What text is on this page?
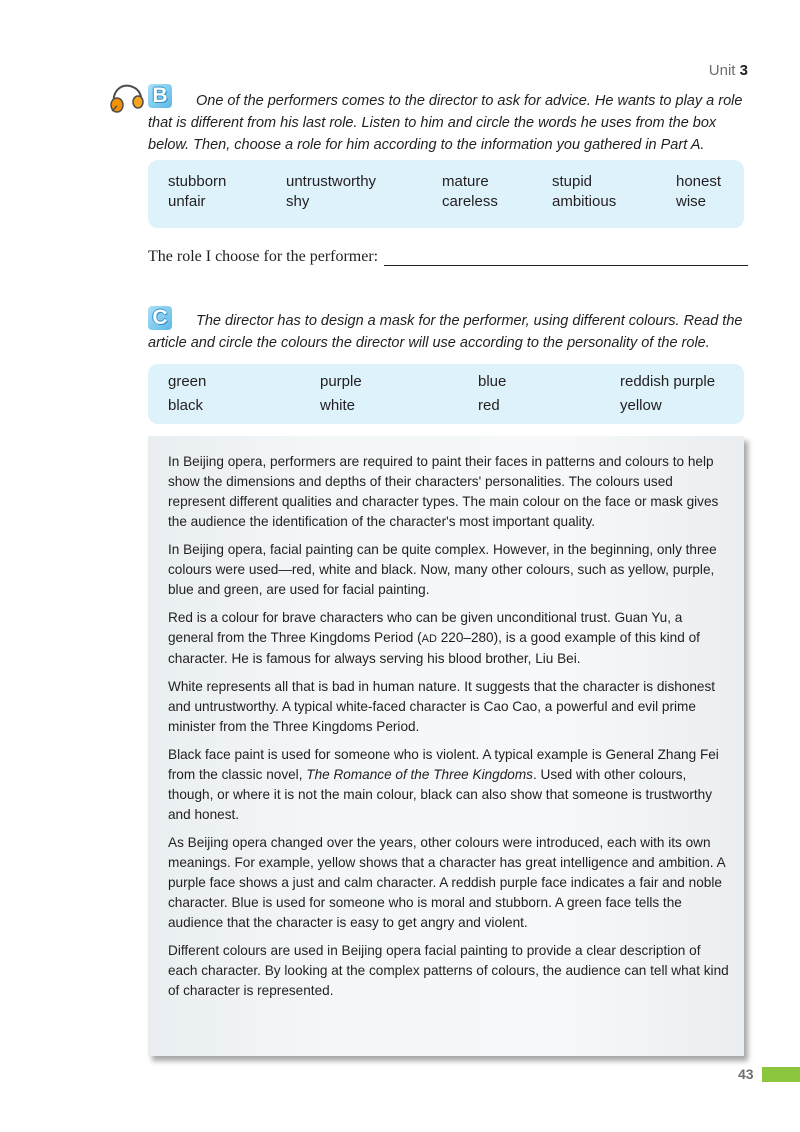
Unit 3
B	One of the performers comes to the director to ask for advice. He wants to play a role that is different from his last role. Listen to him and circle the words he uses from the box below. Then, choose a role for him according to the information you gathered in Part A.
stubborn	untrustworthy	mature	stupid	honest
unfair	shy	careless	ambitious	wise
The role I choose for the performer:
C	The director has to design a mask for the performer, using different colours. Read the article and circle the colours the director will use according to the personality of the role.
green	purple	blue	reddish purple
black	white	red	yellow

In Beijing opera, performers are required to paint their faces in patterns and colours to help show the dimensions and depths of their characters' personalities. The colours used represent different qualities and character types. The main colour on the face or mask gives the audience the identification of the character's most important quality.

In Beijing opera, facial painting can be quite complex. However, in the beginning, only three colours were used—red, white and black. Now, many other colours, such as yellow, purple, blue and green, are used for facial painting.

Red is a colour for brave characters who can be given unconditional trust. Guan Yu, a general from the Three Kingdoms Period (AD 220–280), is a good example of this kind of character. He is famous for always serving his blood brother, Liu Bei.

White represents all that is bad in human nature. It suggests that the character is dishonest and untrustworthy. A typical white-faced character is Cao Cao, a powerful and evil prime minister from the Three Kingdoms Period.

Black face paint is used for someone who is violent. A typical example is General Zhang Fei from the classic novel, The Romance of the Three Kingdoms. Used with other colours, though, or where it is not the main colour, black can also show that someone is trustworthy and honest.

As Beijing opera changed over the years, other colours were introduced, each with its own meanings. For example, yellow shows that a character has great intelligence and ambition. A purple face shows a just and calm character. A reddish purple face indicates a fair and noble character. Blue is used for someone who is moral and stubborn. A green face tells the audience that the character is easy to get angry and violent.

Different colours are used in Beijing opera facial painting to provide a clear description of each character. By looking at the complex patterns of colours, the audience can tell what kind of character is represented.

43
